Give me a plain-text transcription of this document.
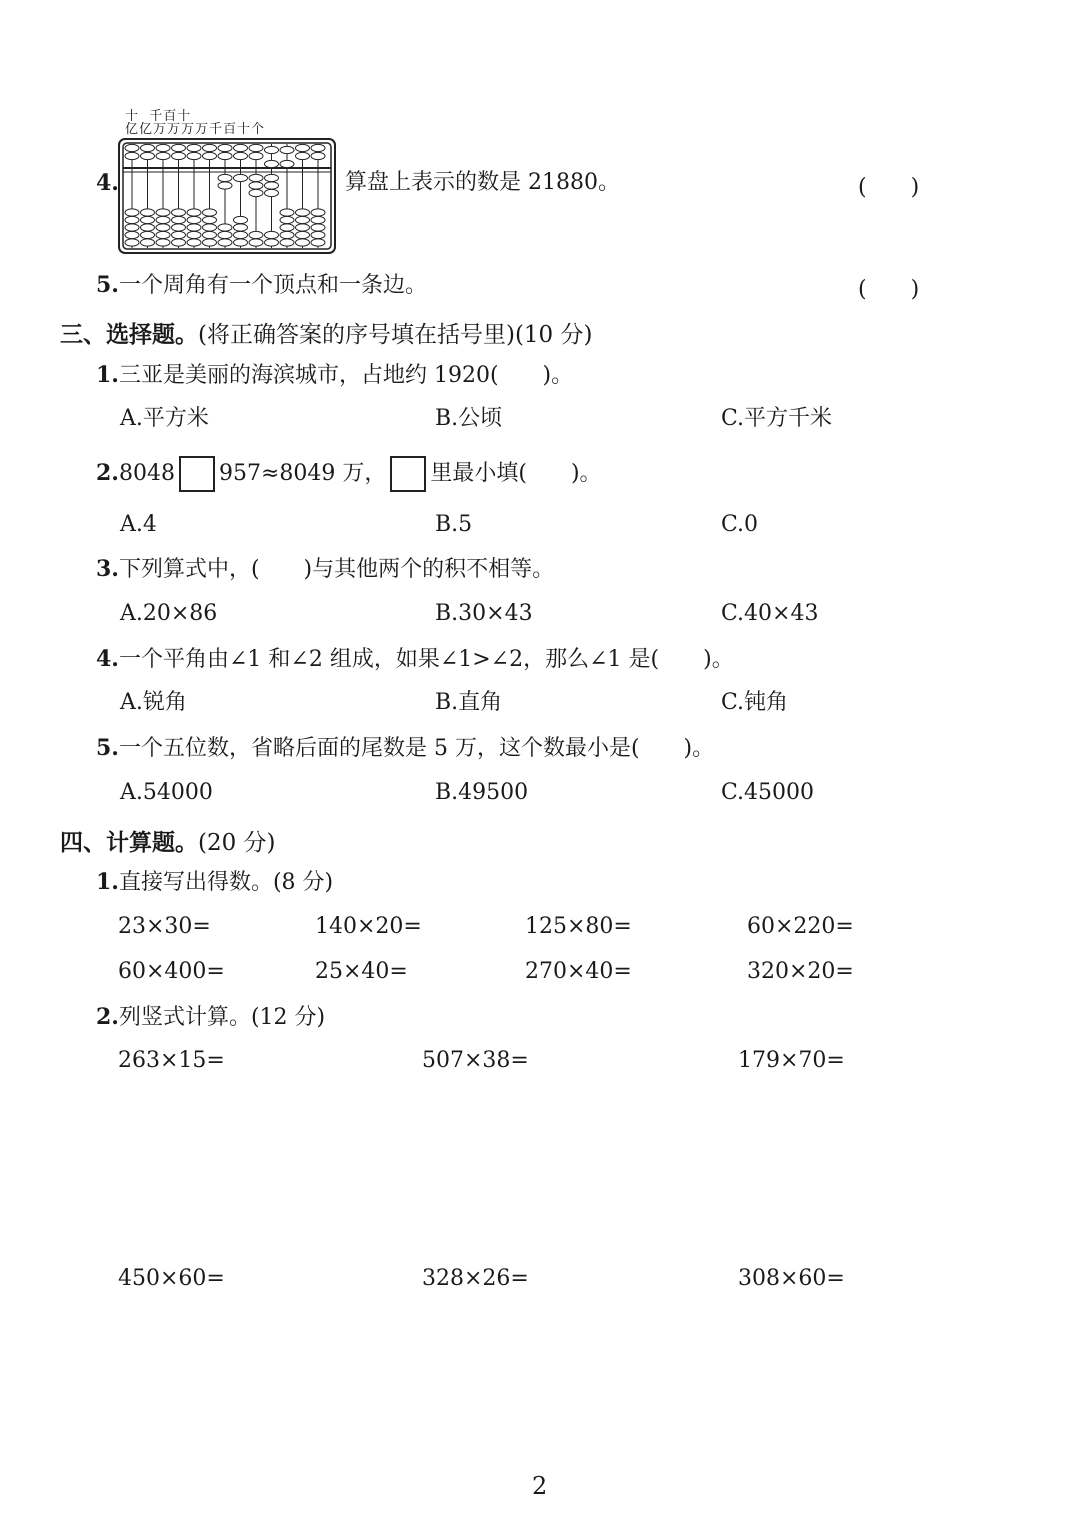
4.
十  千百十
亿亿万万万万千百十个
算盘上表示的数是 21880。	(　　)
5.一个周角有一个顶点和一条边。	(　　)
三、选择题。(将正确答案的序号填在括号里)(10 分)
1.三亚是美丽的海滨城市，占地约 1920(　　)。
A.平方米	B.公顷	C.平方千米
2.8048 957≈8049 万， 里最小填(　　)。
A.4	B.5	C.0
3.下列算式中，(　　)与其他两个的积不相等。
A.20×86	B.30×43	C.40×43
4.一个平角由∠1 和∠2 组成，如果∠1>∠2，那么∠1 是(　　)。
A.锐角	B.直角	C.钝角
5.一个五位数，省略后面的尾数是 5 万，这个数最小是(　　)。
A.54000	B.49500	C.45000
四、计算题。(20 分)
1.直接写出得数。(8 分)
23×30=	140×20=	125×80=	60×220=
60×400=	25×40=	270×40=	320×20=
2.列竖式计算。(12 分)
263×15=	507×38=	179×70=
450×60=	328×26=	308×60=
2
